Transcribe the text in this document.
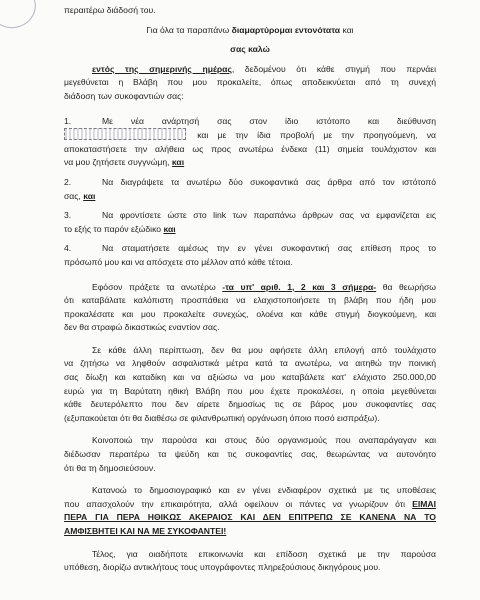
περαιτέρω διάδοσή του.

Για όλα τα παραπάνω διαμαρτύρομαι εντονότατα και

σας καλώ

εντός της σημερινής ημέρας, δεδομένου ότι κάθε στιγμή που περνάει

μεγεθύνεται η Βλάβη που μου προκαλείτε, όπως αποδεικνύεται από τη συνεχή

διάδοση των συκοφαντιών σας:

1.	Με νέα ανάρτησή σας στον ίδιο ιστότοπο και διεύθυνση

και με την ίδια προβολή με την προηγούμενη, να

αποκαταστήσετε την αλήθεια ως προς ανωτέρω ένδεκα (11) σημεία τουλάχιστον και

να μου ζητήσετε συγγνώμη, και

2.	Να διαγράψετε τα ανωτέρω δύο συκοφαντικά σας άρθρα από τον ιστότοπό

σας, και

3.	Να φροντίσετε ώστε στο link των παραπάνω άρθρων σας να εμφανίζεται εις

το εξής το παρόν εξώδικο και

4.	Να σταματήσετε αμέσως την εν γένει συκοφαντική σας επίθεση προς το

πρόσωπό μου και να απόσχετε στο μέλλον από κάθε τέτοια.

Εφόσον πράξετε τα ανωτέρω -τα υπ' αριθ. 1, 2 και 3 σήμερα- θα θεωρήσω

ότι καταβάλατε καλόπιστη προσπάθεια να ελαχιστοποιήσετε τη βλάβη που ήδη μου

προκαλέσατε και μου προκαλείτε συνεχώς, ολοένα και κάθε στιγμή διογκούμενη, και

δεν θα στραφώ δικαστικώς εναντίον σας.

Σε κάθε άλλη περίπτωση, δεν θα μου αφήσετε άλλη επιλογή από τουλάχιστο

να ζητήσω να ληφθούν ασφαλιστικά μέτρα κατά τα ανωτέρω, να αιτηθώ την ποινική

σας δίωξη και καταδίκη και να αξιώσω να μου καταβάλετε κατ' ελάχιστο 250.000,00

ευρώ για τη Βαρύτατη ηθική Βλάβη που μου έχετε προκαλέσει, η οποία μεγεθύνεται

κάθε δευτερόλεπτο που δεν αίρετε δημοσίως τις σε βάρος μου συκοφαντίες σας

(εξυπακούεται ότι θα διαθέσω σε φιλανθρωπική οργάνωση όποιο ποσό εισπράξω).

Κοινοποιώ την παρούσα και στους δύο οργανισμούς που αναπαράγαγαν και

διέδωσαν περαιτέρω τα ψεύδη και τις συκοφαντίες σας, θεωρώντας να αυτονόητο

ότι θα τη δημοσιεύσουν.

Κατανοώ το δημοσιογραφικό και εν γένει ενδιαφέρον σχετικά με τις υποθέσεις

που απασχολούν την επικαιρότητα, αλλά οφείλουν οι πάντες να γνωρίζουν ότι ΕΙΜΑΙ

ΠΕΡΑ ΓΙΑ ΠΕΡΑ ΗΘΙΚΩΣ ΑΚΕΡΑΙΟΣ ΚΑΙ ΔΕΝ ΕΠΙΤΡΕΠΩ ΣΕ ΚΑΝΕΝΑ ΝΑ ΤΟ

ΑΜΦΙΣΒΗΤΕΙ ΚΑΙ ΝΑ ΜΕ ΣΥΚΟΦΑΝΤΕΙ!

Τέλος, για οιαδήποτε επικοινωνία και επίδοση σχετικά με την παρούσα

υπόθεση, διορίζω αντικλήτους τους υπογράφοντες πληρεξούσιους δικηγόρους μου.
